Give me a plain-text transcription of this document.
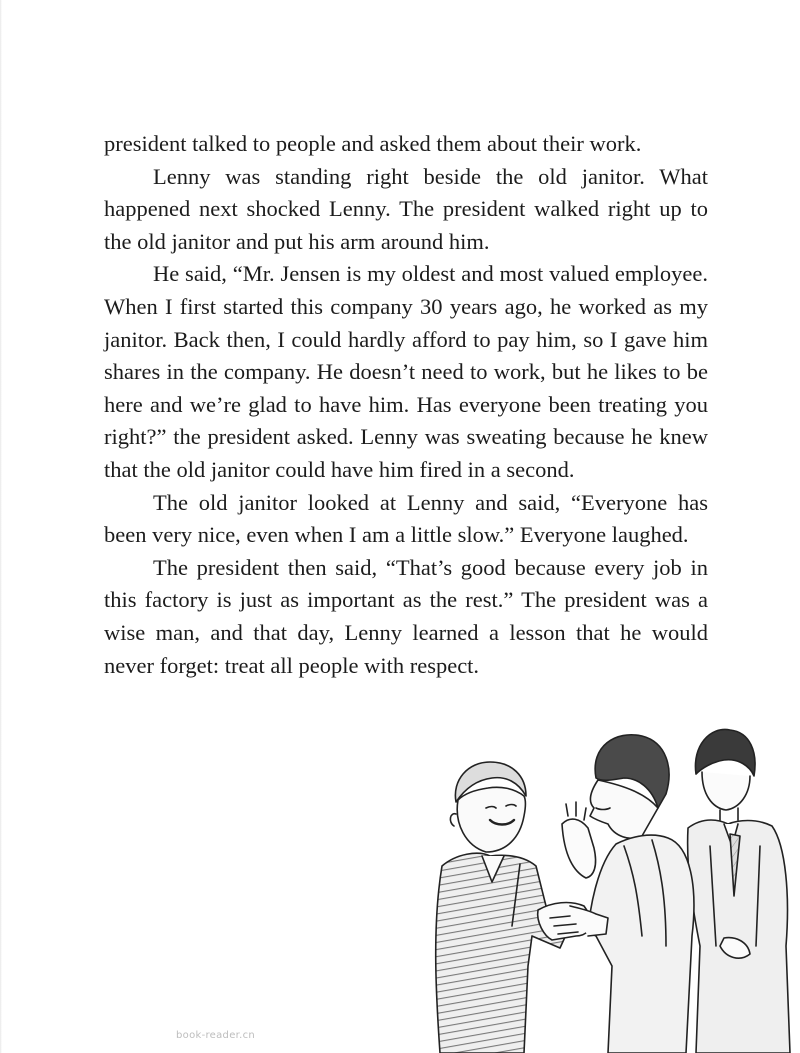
president talked to people and asked them about their work.

Lenny was standing right beside the old janitor. What happened next shocked Lenny. The president walked right up to the old janitor and put his arm around him.

He said, “Mr. Jensen is my oldest and most valued employee. When I first started this company 30 years ago, he worked as my janitor. Back then, I could hardly afford to pay him, so I gave him shares in the company. He doesn’t need to work, but he likes to be here and we’re glad to have him. Has everyone been treating you right?” the president asked. Lenny was sweating because he knew that the old janitor could have him fired in a second.

The old janitor looked at Lenny and said, “Everyone has been very nice, even when I am a little slow.” Everyone laughed.

The president then said, “That’s good because every job in this factory is just as important as the rest.” The president was a wise man, and that day, Lenny learned a lesson that he would never forget: treat all people with respect.

book-reader.cn
